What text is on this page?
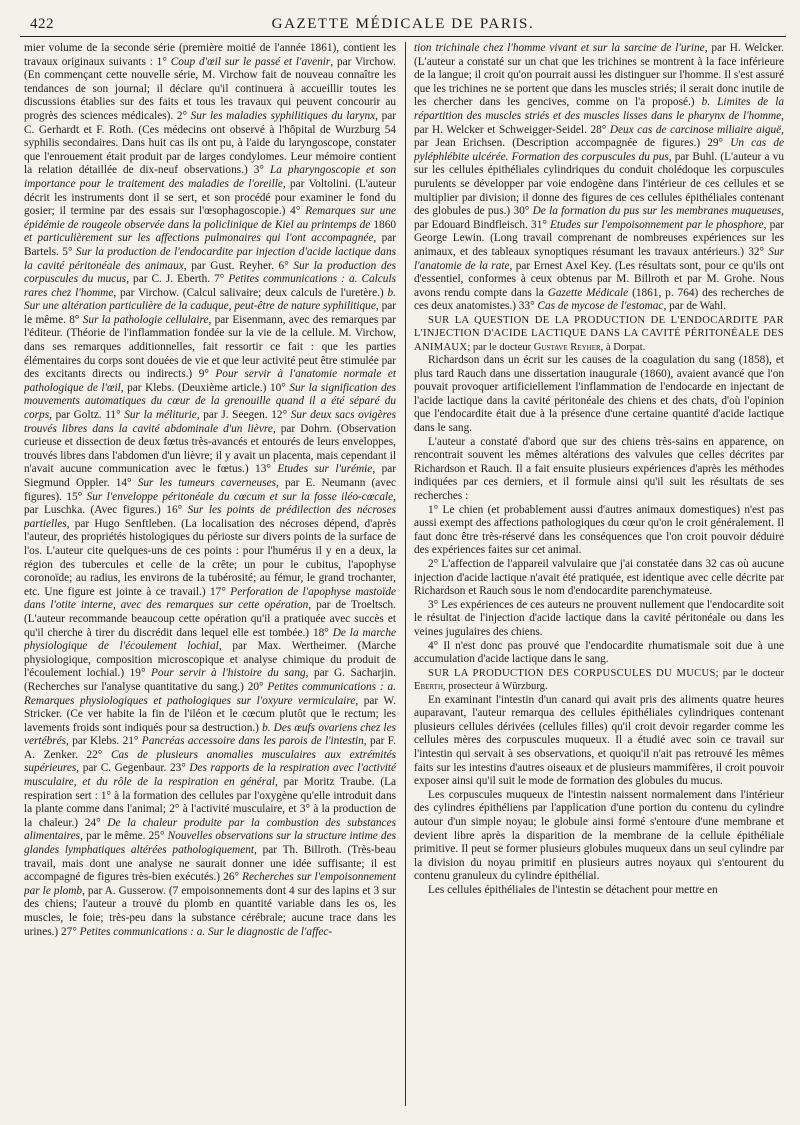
422	GAZETTE MÉDICALE DE PARIS.

mier volume de la seconde série (première moitié de l'année 1861), contient les travaux originaux suivants : 1° Coup d'œil sur le passé et l'avenir, par Virchow. (En commençant cette nouvelle série, M. Virchow fait de nouveau connaître les tendances de son journal; il déclare qu'il continuera à accueillir toutes les discussions établies sur des faits et tous les travaux qui peuvent concourir au progrès des sciences médicales). 2° Sur les maladies syphilitiques du larynx, par C. Gerhardt et F. Roth. (Ces médecins ont observé à l'hôpital de Wurzburg 54 syphilis secondaires. Dans huit cas ils ont pu, à l'aide du laryngoscope, constater que l'enrouement était produit par de larges condylomes. Leur mémoire contient la relation détaillée de dix-neuf observations.) 3° La pharyngoscopie et son importance pour le traitement des maladies de l'oreille, par Voltolini. (L'auteur décrit les instruments dont il se sert, et son procédé pour examiner le fond du gosier; il termine par des essais sur l'œsophagoscopie.) 4° Remarques sur une épidémie de rougeole observée dans la policlinique de Kiel au printemps de 1860 et particulièrement sur les affections pulmonaires qui l'ont accompagnée, par Bartels. 5° Sur la production de l'endocardite par injection d'acide lactique dans la cavité péritonéale des animaux, par Gust. Reyher. 6° Sur la production des corpuscules du mucus, par C. J. Eberth. 7° Petites communications : a. Calculs rares chez l'homme, par Virchow. (Calcul salivaire; deux calculs de l'uretère.) b. Sur une altération particulière de la caduque, peut-être de nature syphilitique, par le même. 8° Sur la pathologie cellulaire, par Eisenmann, avec des remarques par l'éditeur. (Théorie de l'inflammation fondée sur la vie de la cellule. M. Virchow, dans ses remarques additionnelles, fait ressortir ce fait : que les parties élémentaires du corps sont douées de vie et que leur activité peut être stimulée par des excitants directs ou indirects.) 9° Pour servir à l'anatomie normale et pathologique de l'œil, par Klebs. (Deuxième article.) 10° Sur la signification des mouvements automatiques du cœur de la grenouille quand il a été séparé du corps, par Goltz. 11° Sur la méliturie, par J. Seegen. 12° Sur deux sacs ovigères trouvés libres dans la cavité abdominale d'un lièvre, par Dohrn. (Observation curieuse et dissection de deux fœtus très-avancés et entourés de leurs enveloppes, trouvés libres dans l'abdomen d'un lièvre; il y avait un placenta, mais cependant il n'avait aucune communication avec le fœtus.) 13° Etudes sur l'urémie, par Siegmund Oppler. 14° Sur les tumeurs caverneuses, par E. Neumann (avec figures). 15° Sur l'enveloppe péritonéale du cœcum et sur la fosse iléo-cœcale, par Luschka. (Avec figures.) 16° Sur les points de prédilection des nécroses partielles, par Hugo Senftleben. (La localisation des nécroses dépend, d'après l'auteur, des propriétés histologiques du périoste sur divers points de la surface de l'os. L'auteur cite quelques-uns de ces points : pour l'humérus il y en a deux, la région des tubercules et celle de la crête; un pour le cubitus, l'apophyse coronoïde; au radius, les environs de la tubérosité; au fémur, le grand trochanter, etc. Une figure est jointe à ce travail.) 17° Perforation de l'apophyse mastoïde dans l'otite interne, avec des remarques sur cette opération, par de Troeltsch. (L'auteur recommande beaucoup cette opération qu'il a pratiquée avec succès et qu'il cherche à tirer du discrédit dans lequel elle est tombée.) 18° De la marche physiologique de l'écoulement lochial, par Max. Wertheimer. (Marche physiologique, composition microscopique et analyse chimique du produit de l'écoulement lochial.) 19° Pour servir à l'histoire du sang, par G. Sacharjin. (Recherches sur l'analyse quantitative du sang.) 20° Petites communications : a. Remarques physiologiques et pathologiques sur l'oxyure vermiculaire, par W. Stricker. (Ce ver habite la fin de l'iléon et le cœcum plutôt que le rectum; les lavements froids sont indiqués pour sa destruction.) b. Des œufs ovariens chez les vertébrés, par Klebs. 21° Pancréas accessoire dans les parois de l'intestin, par F. A. Zenker. 22° Cas de plusieurs anomalies musculaires aux extrémités supérieures, par C. Gegenbaur. 23° Des rapports de la respiration avec l'activité musculaire, et du rôle de la respiration en général, par Moritz Traube. (La respiration sert : 1° à la formation des cellules par l'oxygène qu'elle introduit dans la plante comme dans l'animal; 2° à l'activité musculaire, et 3° à la production de la chaleur.) 24° De la chaleur produite par la combustion des substances alimentaires, par le même. 25° Nouvelles observations sur la structure intime des glandes lymphatiques altérées pathologiquement, par Th. Billroth. (Très-beau travail, mais dont une analyse ne saurait donner une idée suffisante; il est accompagné de figures très-bien exécutés.) 26° Recherches sur l'empoisonnement par le plomb, par A. Gusserow. (7 empoisonnements dont 4 sur des lapins et 3 sur des chiens; l'auteur a trouvé du plomb en quantité variable dans les os, les muscles, le foie; très-peu dans la substance cérébrale; aucune trace dans les urines.) 27° Petites communications : a. Sur le diagnostic de l'affec-

tion trichinale chez l'homme vivant et sur la sarcine de l'urine, par H. Welcker. (L'auteur a constaté sur un chat que les trichines se montrent à la face inférieure de la langue; il croit qu'on pourrait aussi les distinguer sur l'homme. Il s'est assuré que les trichines ne se portent que dans les muscles striés; il serait donc inutile de les chercher dans les gencives, comme on l'a proposé.) b. Limites de la répartition des muscles striés et des muscles lisses dans le pharynx de l'homme, par H. Welcker et Schweigger-Seidel. 28° Deux cas de carcinose miliaire aiguë, par Jean Erichsen. (Description accompagnée de figures.) 29° Un cas de pyléphlébite ulcérée. Formation des corpuscules du pus, par Buhl. (L'auteur a vu sur les cellules épithéliales cylindriques du conduit cholédoque les corpuscules purulents se développer par voie endogène dans l'intérieur de ces cellules et se multiplier par division; il donne des figures de ces cellules épithéliales contenant des globules de pus.) 30° De la formation du pus sur les membranes muqueuses, par Edouard Bindfleisch. 31° Etudes sur l'empoisonnement par le phosphore, par George Lewin. (Long travail comprenant de nombreuses expériences sur les animaux, et des tableaux synoptiques résumant les travaux antérieurs.) 32° Sur l'anatomie de la rate, par Ernest Axel Key. (Les résultats sont, pour ce qu'ils ont d'essentiel, conformes à ceux obtenus par M. Billroth et par M. Grohe. Nous avons rendu compte dans la Gazette Médicale (1861, p. 764) des recherches de ces deux anatomistes.) 33° Cas de mycose de l'estomac, par de Wahl.

SUR LA QUESTION DE LA PRODUCTION DE L'ENDOCARDITE PAR L'INJECTION D'ACIDE LACTIQUE DANS LA CAVITÉ PÉRITONÉALE DES ANIMAUX; par le docteur Gustave Reyher, à Dorpat.

Richardson dans un écrit sur les causes de la coagulation du sang (1858), et plus tard Rauch dans une dissertation inaugurale (1860), avaient avancé que l'on pouvait provoquer artificiellement l'inflammation de l'endocarde en injectant de l'acide lactique dans la cavité péritonéale des chiens et des chats, d'où l'opinion que l'endocardite était due à la présence d'une certaine quantité d'acide lactique dans le sang.

L'auteur a constaté d'abord que sur des chiens très-sains en apparence, on rencontrait souvent les mêmes altérations des valvules que celles décrites par Richardson et Rauch. Il a fait ensuite plusieurs expériences d'après les méthodes indiquées par ces derniers, et il formule ainsi qu'il suit les résultats de ses recherches :

1° Le chien (et probablement aussi d'autres animaux domestiques) n'est pas aussi exempt des affections pathologiques du cœur qu'on le croit généralement. Il faut donc être très-réservé dans les conséquences que l'on croit pouvoir déduire des expériences faites sur cet animal.

2° L'affection de l'appareil valvulaire que j'ai constatée dans 32 cas où aucune injection d'acide lactique n'avait été pratiquée, est identique avec celle décrite par Richardson et Rauch sous le nom d'endocardite parenchymateuse.

3° Les expériences de ces auteurs ne prouvent nullement que l'endocardite soit le résultat de l'injection d'acide lactique dans la cavité péritonéale ou dans les veines jugulaires des chiens.

4° Il n'est donc pas prouvé que l'endocardite rhumatismale soit due à une accumulation d'acide lactique dans le sang.

SUR LA PRODUCTION DES CORPUSCULES DU MUCUS; par le docteur Eberth, prosecteur à Würzburg.

En examinant l'intestin d'un canard qui avait pris des aliments quatre heures auparavant, l'auteur remarqua des cellules épithéliales cylindriques contenant plusieurs cellules dérivées (cellules filles) qu'il croit devoir regarder comme les cellules mères des corpuscules muqueux. Il a étudié avec soin ce travail sur l'intestin qui servait à ses observations, et quoiqu'il n'ait pas retrouvé les mêmes faits sur les intestins d'autres oiseaux et de plusieurs mammifères, il croit pouvoir exposer ainsi qu'il suit le mode de formation des globules du mucus.

Les corpuscules muqueux de l'intestin naissent normalement dans l'intérieur des cylindres épithéliens par l'application d'une portion du contenu du cylindre autour d'un simple noyau; le globule ainsi formé s'entoure d'une membrane et devient libre après la disparition de la membrane de la cellule épithéliale primitive. Il peut se former plusieurs globules muqueux dans un seul cylindre par la division du noyau primitif en plusieurs autres noyaux qui s'entourent du contenu granuleux du cylindre épithélial.

Les cellules épithéliales de l'intestin se détachent pour mettre en
